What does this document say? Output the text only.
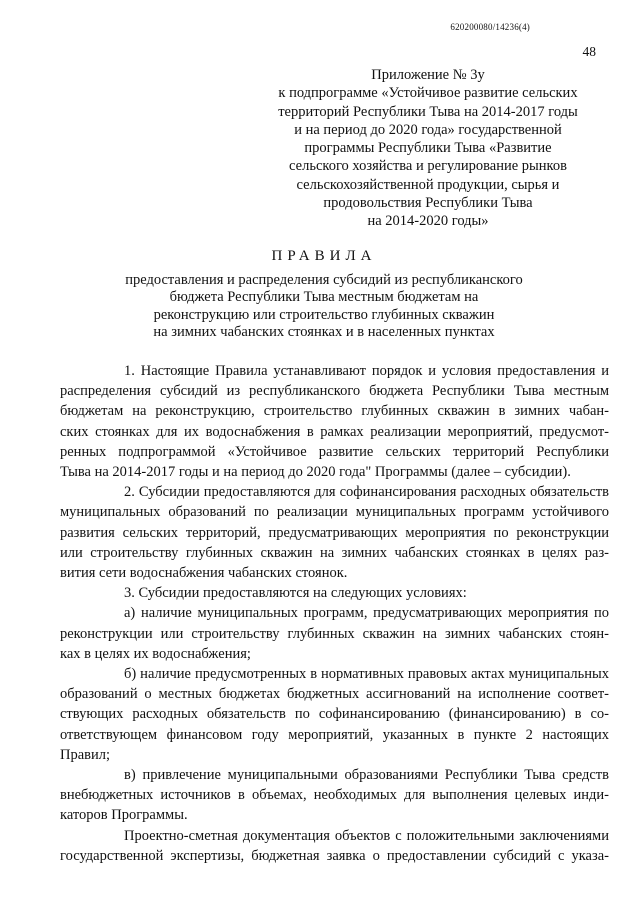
620200080/14236(4)
48
Приложение № 3у
к подпрограмме «Устойчивое развитие сельских
территорий Республики Тыва на 2014-2017 годы
и на период до 2020 года» государственной
программы Республики Тыва «Развитие
сельского хозяйства и регулирование рынков
сельскохозяйственной продукции, сырья и
продовольствия Республики Тыва
на 2014-2020 годы»
ПРАВИЛА
предоставления и распределения субсидий из республиканского
бюджета Республики Тыва местным бюджетам на
реконструкцию или строительство глубинных скважин
на зимних чабанских стоянках и в населенных пунктах

1. Настоящие Правила устанавливают порядок и условия предоставления и

распределения субсидий из республиканского бюджета Республики Тыва местным

бюджетам на реконструкцию, строительство глубинных скважин в зимних чабан-

ских стоянках для их водоснабжения в рамках реализации мероприятий, предусмот-

ренных подпрограммой «Устойчивое развитие сельских территорий Республики

Тыва на 2014-2017 годы и на период до 2020 года" Программы (далее – субсидии).

2. Субсидии предоставляются для софинансирования расходных обязательств

муниципальных образований по реализации муниципальных программ устойчивого

развития сельских территорий, предусматривающих мероприятия по реконструкции

или строительству глубинных скважин на зимних чабанских стоянках в целях раз-

вития сети водоснабжения чабанских стоянок.

3. Субсидии предоставляются на следующих условиях:

а) наличие муниципальных программ, предусматривающих мероприятия по

реконструкции или строительству глубинных скважин на зимних чабанских стоян-

ках в целях их водоснабжения;

б) наличие предусмотренных в нормативных правовых актах муниципальных

образований о местных бюджетах бюджетных ассигнований на исполнение соответ-

ствующих расходных обязательств по софинансированию (финансированию) в со-

ответствующем финансовом году мероприятий, указанных в пункте 2 настоящих

Правил;

в) привлечение муниципальными образованиями Республики Тыва средств

внебюджетных источников в объемах, необходимых для выполнения целевых инди-

каторов Программы.

Проектно-сметная документация объектов с положительными заключениями

государственной экспертизы, бюджетная заявка о предоставлении субсидий с указа-
